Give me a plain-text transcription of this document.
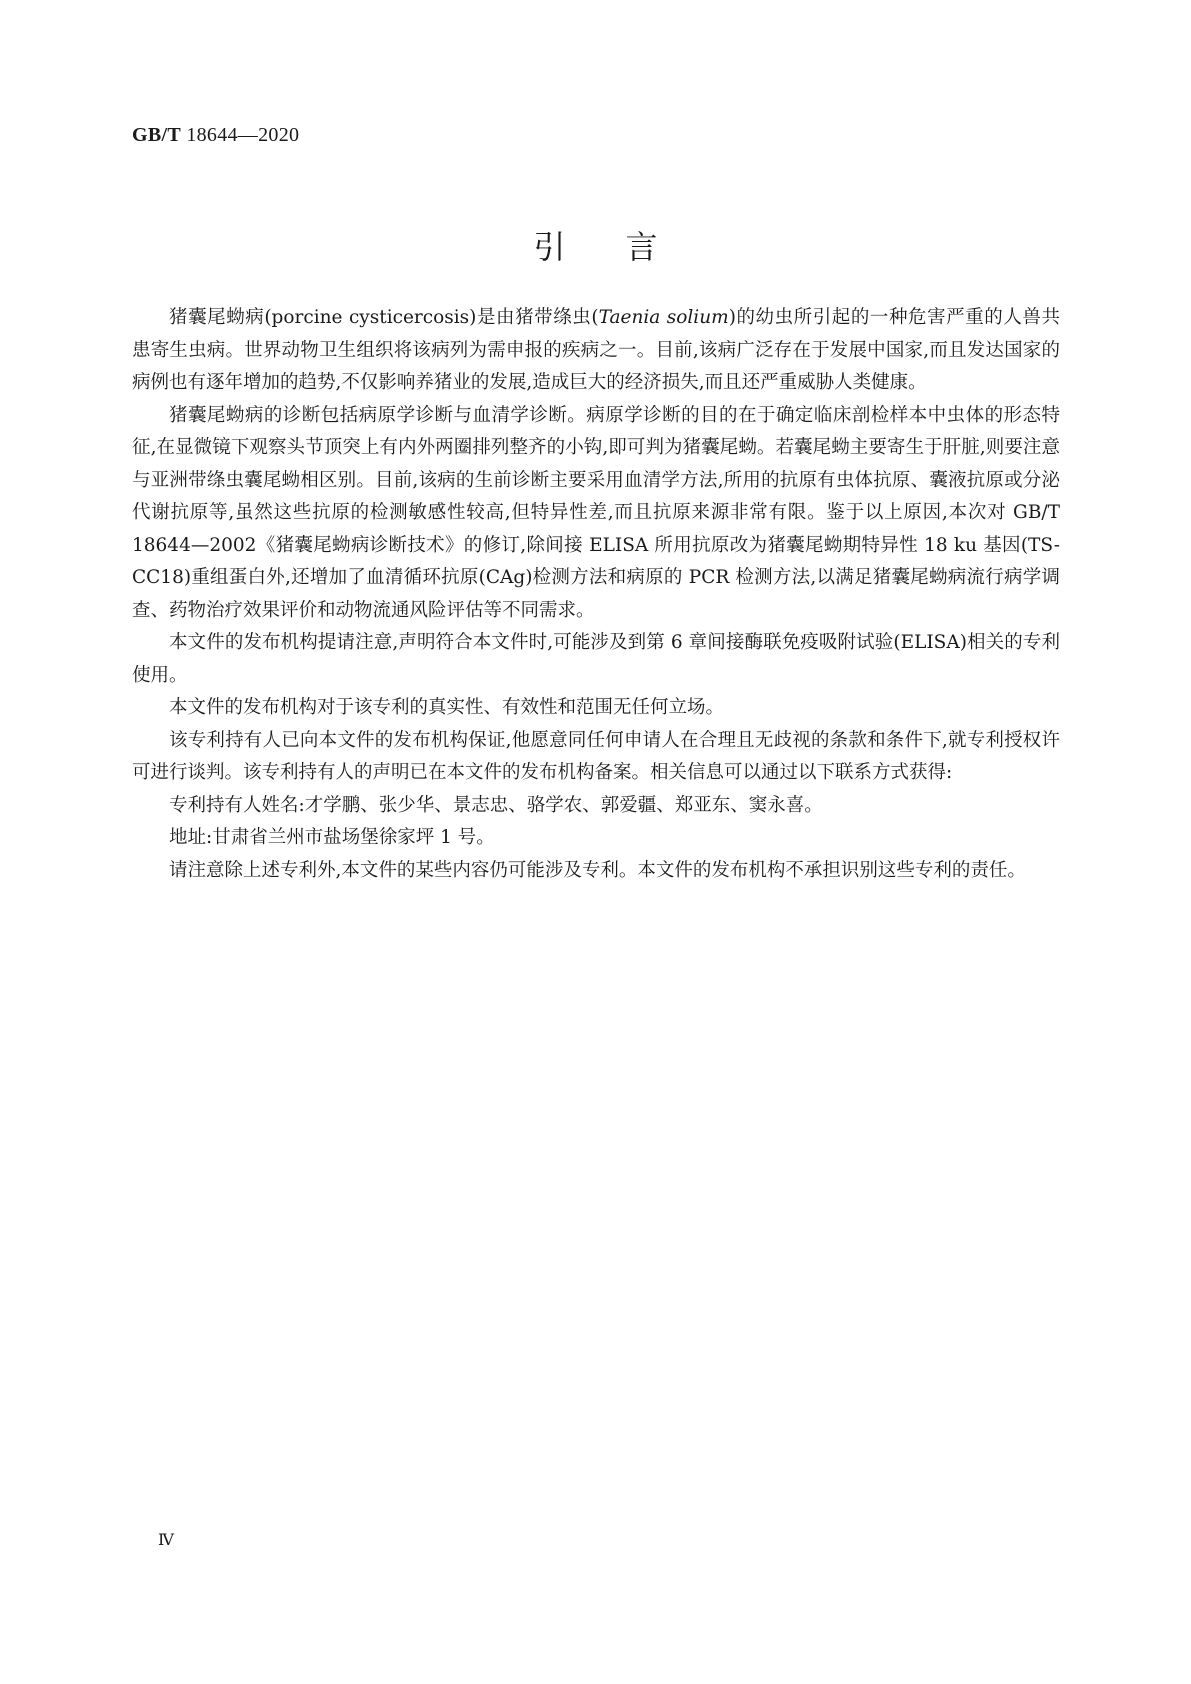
GB/T 18644—2020
引言

猪囊尾蚴病(porcine cysticercosis)是由猪带绦虫(Taenia solium)的幼虫所引起的一种危害严重的人兽共患寄生虫病。世界动物卫生组织将该病列为需申报的疾病之一。目前,该病广泛存在于发展中国家,而且发达国家的病例也有逐年增加的趋势,不仅影响养猪业的发展,造成巨大的经济损失,而且还严重威胁人类健康。

猪囊尾蚴病的诊断包括病原学诊断与血清学诊断。病原学诊断的目的在于确定临床剖检样本中虫体的形态特征,在显微镜下观察头节顶突上有内外两圈排列整齐的小钩,即可判为猪囊尾蚴。若囊尾蚴主要寄生于肝脏,则要注意与亚洲带绦虫囊尾蚴相区别。目前,该病的生前诊断主要采用血清学方法,所用的抗原有虫体抗原、囊液抗原或分泌代谢抗原等,虽然这些抗原的检测敏感性较高,但特异性差,而且抗原来源非常有限。鉴于以上原因,本次对 GB/T 18644—2002《猪囊尾蚴病诊断技术》的修订,除间接 ELISA 所用抗原改为猪囊尾蚴期特异性 18 ku 基因(TS-CC18)重组蛋白外,还增加了血清循环抗原(CAg)检测方法和病原的 PCR 检测方法,以满足猪囊尾蚴病流行病学调查、药物治疗效果评价和动物流通风险评估等不同需求。

本文件的发布机构提请注意,声明符合本文件时,可能涉及到第 6 章间接酶联免疫吸附试验(ELISA)相关的专利使用。

本文件的发布机构对于该专利的真实性、有效性和范围无任何立场。

该专利持有人已向本文件的发布机构保证,他愿意同任何申请人在合理且无歧视的条款和条件下,就专利授权许可进行谈判。该专利持有人的声明已在本文件的发布机构备案。相关信息可以通过以下联系方式获得:

专利持有人姓名:才学鹏、张少华、景志忠、骆学农、郭爱疆、郑亚东、窦永喜。

地址:甘肃省兰州市盐场堡徐家坪 1 号。

请注意除上述专利外,本文件的某些内容仍可能涉及专利。本文件的发布机构不承担识别这些专利的责任。

Ⅳ
